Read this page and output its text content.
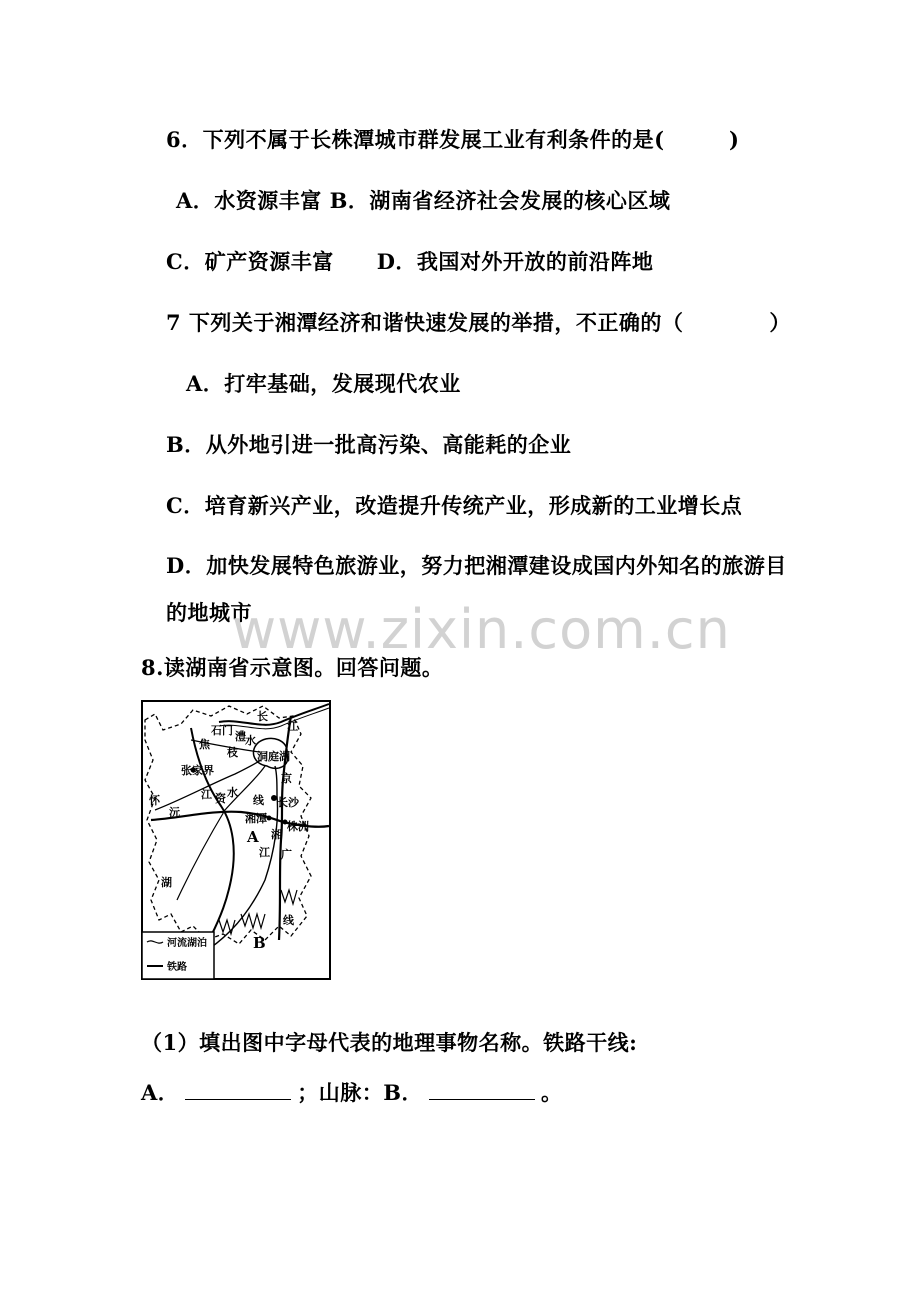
6．下列不属于长株潭城市群发展工业有利条件的是(　　　)
A．水资源丰富 B．湖南省经济社会发展的核心区域
C．矿产资源丰富　　D．我国对外开放的前沿阵地
7 下列关于湘潭经济和谐快速发展的举措，不正确的（　　　　）
A．打牢基础，发展现代农业
B．从外地引进一批高污染、高能耗的企业
C．培育新兴产业，改造提升传统产业，形成新的工业增长点
D．加快发展特色旅游业，努力把湘潭建设成国内外知名的旅游目
的地城市
www.zixin.com.cn
8.读湖南省示意图。回答问题。
长
江
石门 澧 水
洞庭湖
枝
焦
京
张家界
沅
江 资 水
线 长沙
湘潭
株洲
怀
A 湘
江 广
B
线
湖
河流湖泊
铁路
（1）填出图中字母代表的地理事物名称。铁路干线:
A．	；山脉：B．	。
